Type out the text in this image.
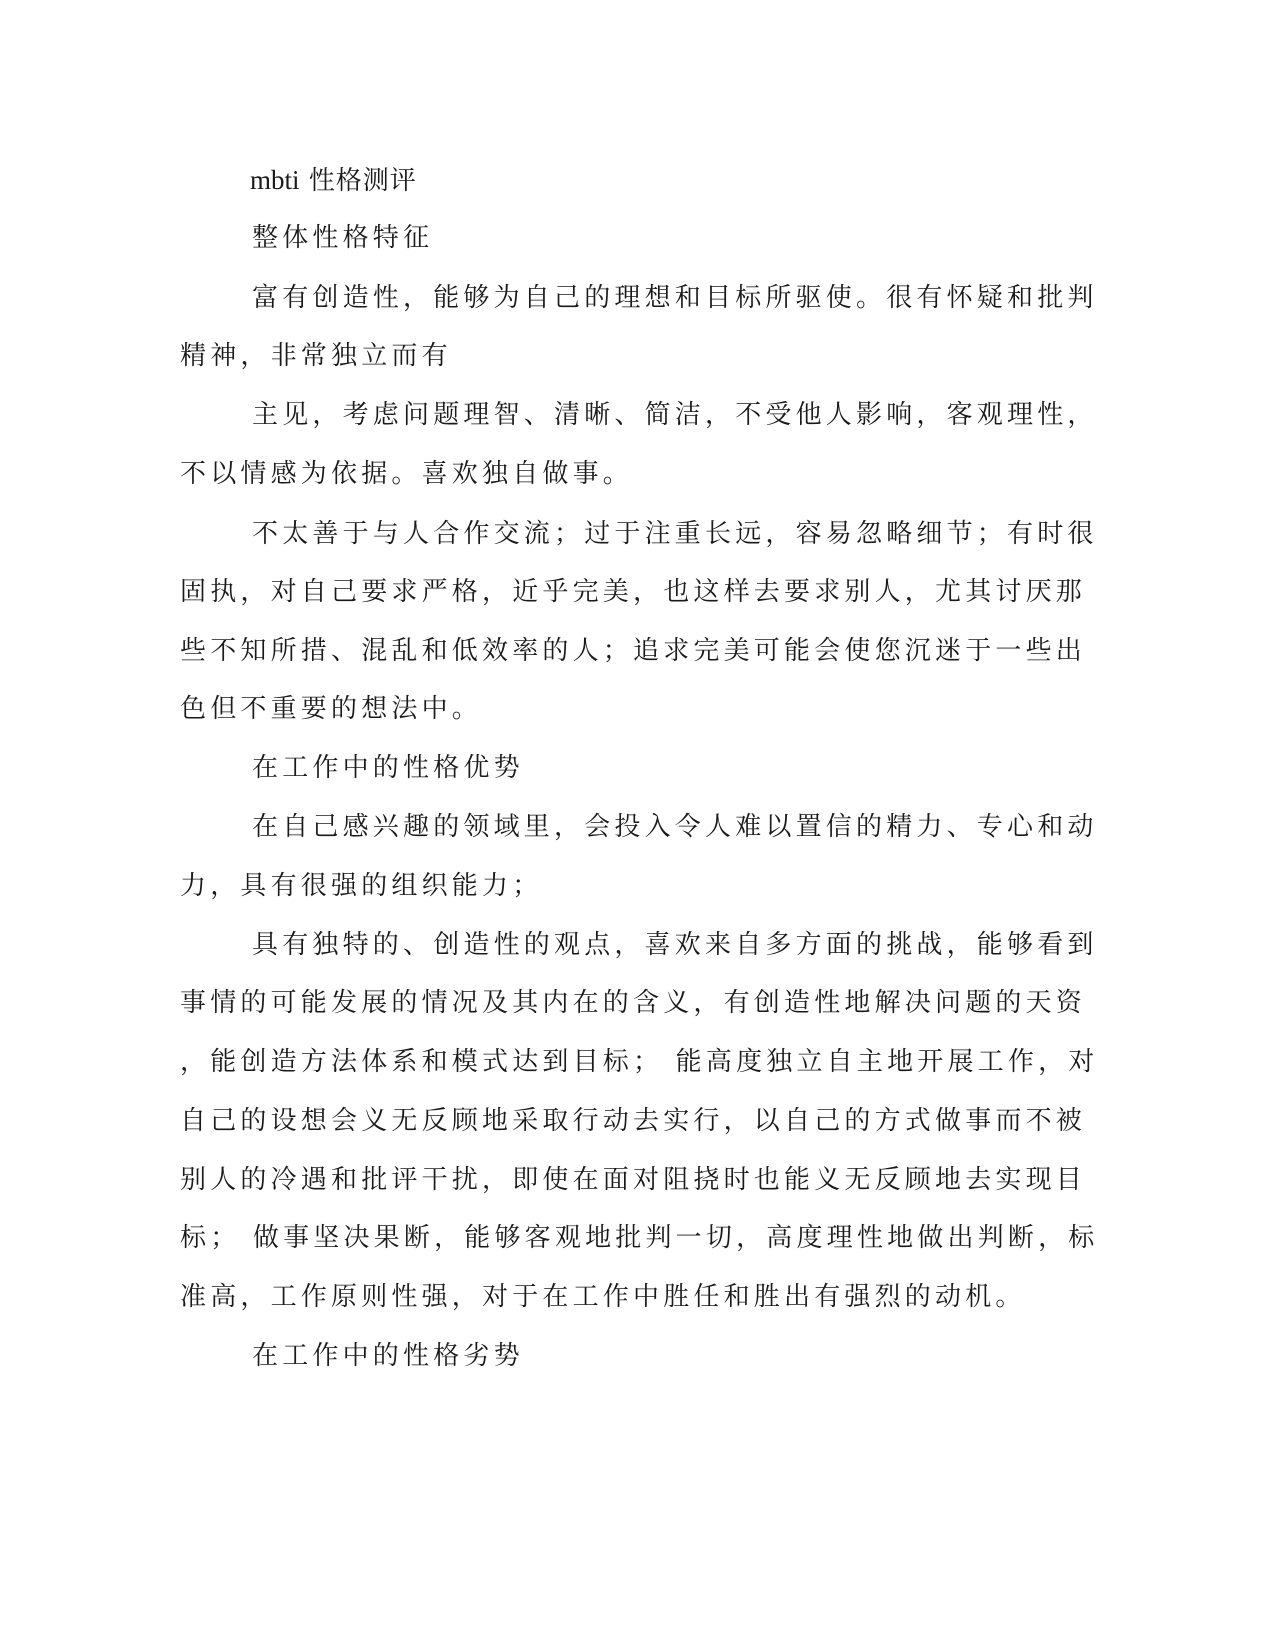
mbti 性格测评
整体性格特征
富有创造性，能够为自己的理想和目标所驱使。很有怀疑和批判
精神，非常独立而有
主见，考虑问题理智、清晰、简洁，不受他人影响，客观理性，
不以情感为依据。喜欢独自做事。
不太善于与人合作交流；过于注重长远，容易忽略细节；有时很
固执，对自己要求严格，近乎完美，也这样去要求别人，尤其讨厌那
些不知所措、混乱和低效率的人；追求完美可能会使您沉迷于一些出
色但不重要的想法中。
在工作中的性格优势
在自己感兴趣的领域里，会投入令人难以置信的精力、专心和动
力，具有很强的组织能力；
具有独特的、创造性的观点，喜欢来自多方面的挑战，能够看到
事情的可能发展的情况及其内在的含义，有创造性地解决问题的天资
，能创造方法体系和模式达到目标； 能高度独立自主地开展工作，对
自己的设想会义无反顾地采取行动去实行，以自己的方式做事而不被
别人的冷遇和批评干扰，即使在面对阻挠时也能义无反顾地去实现目
标； 做事坚决果断，能够客观地批判一切，高度理性地做出判断，标
准高，工作原则性强，对于在工作中胜任和胜出有强烈的动机。
在工作中的性格劣势
